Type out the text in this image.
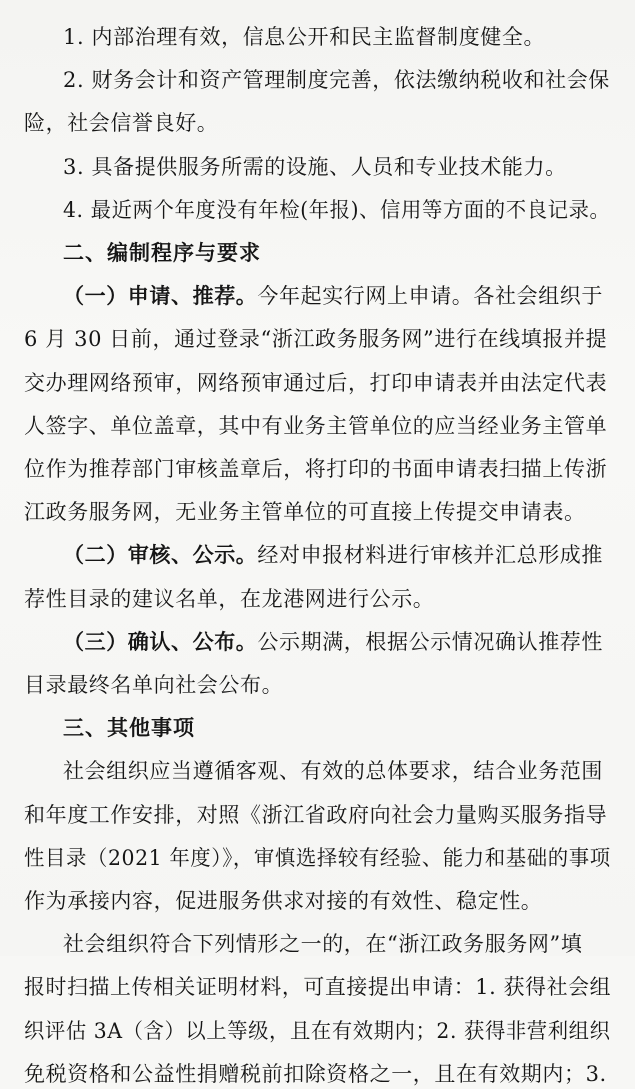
1. 内部治理有效，信息公开和民主监督制度健全。
2. 财务会计和资产管理制度完善，依法缴纳税收和社会保
险，社会信誉良好。
3. 具备提供服务所需的设施、人员和专业技术能力。
4. 最近两个年度没有年检(年报)、信用等方面的不良记录。
二、编制程序与要求
（一）申请、推荐。今年起实行网上申请。各社会组织于
6 月 30 日前，通过登录“浙江政务服务网”进行在线填报并提
交办理网络预审，网络预审通过后，打印申请表并由法定代表
人签字、单位盖章，其中有业务主管单位的应当经业务主管单
位作为推荐部门审核盖章后，将打印的书面申请表扫描上传浙
江政务服务网，无业务主管单位的可直接上传提交申请表。
（二）审核、公示。经对申报材料进行审核并汇总形成推
荐性目录的建议名单，在龙港网进行公示。
（三）确认、公布。公示期满，根据公示情况确认推荐性
目录最终名单向社会公布。
三、其他事项
社会组织应当遵循客观、有效的总体要求，结合业务范围
和年度工作安排，对照《浙江省政府向社会力量购买服务指导
性目录（2021 年度）》，审慎选择较有经验、能力和基础的事项
作为承接内容，促进服务供求对接的有效性、稳定性。
社会组织符合下列情形之一的，在“浙江政务服务网”填
报时扫描上传相关证明材料，可直接提出申请：1. 获得社会组
织评估 3A（含）以上等级，且在有效期内；2. 获得非营利组织
免税资格和公益性捐赠税前扣除资格之一，且在有效期内；3.
